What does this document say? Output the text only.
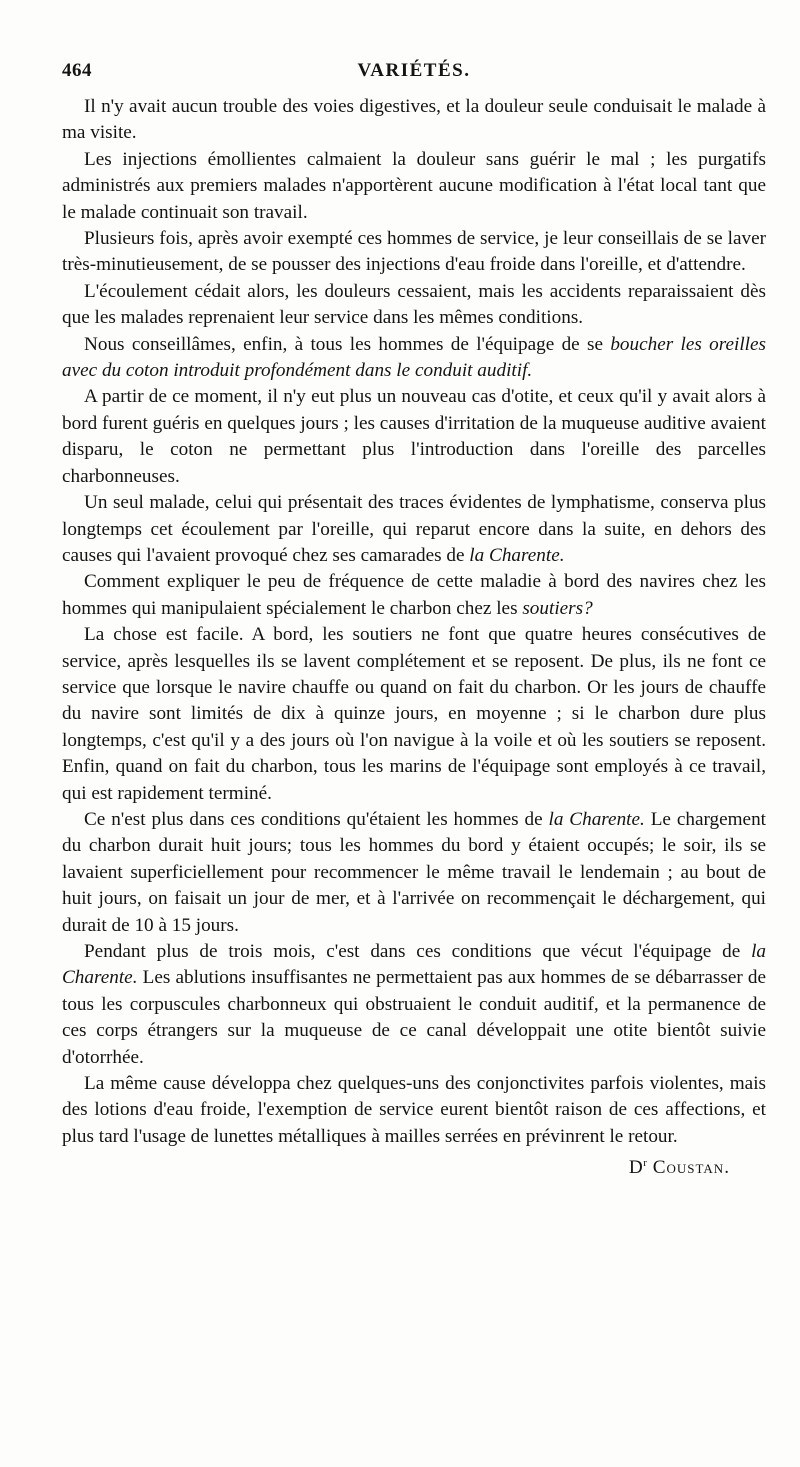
464	VARIÉTÉS.

Il n'y avait aucun trouble des voies digestives, et la douleur seule conduisait le malade à ma visite.

Les injections émollientes calmaient la douleur sans guérir le mal ; les purgatifs administrés aux premiers malades n'apportèrent aucune modification à l'état local tant que le malade continuait son travail.

Plusieurs fois, après avoir exempté ces hommes de service, je leur conseillais de se laver très-minutieusement, de se pousser des injections d'eau froide dans l'oreille, et d'attendre.

L'écoulement cédait alors, les douleurs cessaient, mais les accidents reparaissaient dès que les malades reprenaient leur service dans les mêmes conditions.

Nous conseillâmes, enfin, à tous les hommes de l'équipage de se boucher les oreilles avec du coton introduit profondément dans le conduit auditif.

A partir de ce moment, il n'y eut plus un nouveau cas d'otite, et ceux qu'il y avait alors à bord furent guéris en quelques jours ; les causes d'irritation de la muqueuse auditive avaient disparu, le coton ne permettant plus l'introduction dans l'oreille des parcelles charbonneuses.

Un seul malade, celui qui présentait des traces évidentes de lymphatisme, conserva plus longtemps cet écoulement par l'oreille, qui reparut encore dans la suite, en dehors des causes qui l'avaient provoqué chez ses camarades de la Charente.

Comment expliquer le peu de fréquence de cette maladie à bord des navires chez les hommes qui manipulaient spécialement le charbon chez les soutiers?

La chose est facile. A bord, les soutiers ne font que quatre heures consécutives de service, après lesquelles ils se lavent complétement et se reposent. De plus, ils ne font ce service que lorsque le navire chauffe ou quand on fait du charbon. Or les jours de chauffe du navire sont limités de dix à quinze jours, en moyenne ; si le charbon dure plus longtemps, c'est qu'il y a des jours où l'on navigue à la voile et où les soutiers se reposent. Enfin, quand on fait du charbon, tous les marins de l'équipage sont employés à ce travail, qui est rapidement terminé.

Ce n'est plus dans ces conditions qu'étaient les hommes de la Charente. Le chargement du charbon durait huit jours; tous les hommes du bord y étaient occupés; le soir, ils se lavaient superficiellement pour recommencer le même travail le lendemain ; au bout de huit jours, on faisait un jour de mer, et à l'arrivée on recommençait le déchargement, qui durait de 10 à 15 jours.

Pendant plus de trois mois, c'est dans ces conditions que vécut l'équipage de la Charente. Les ablutions insuffisantes ne permettaient pas aux hommes de se débarrasser de tous les corpuscules charbonneux qui obstruaient le conduit auditif, et la permanence de ces corps étrangers sur la muqueuse de ce canal développait une otite bientôt suivie d'otorrhée.

La même cause développa chez quelques-uns des conjonctivites parfois violentes, mais des lotions d'eau froide, l'exemption de service eurent bientôt raison de ces affections, et plus tard l'usage de lunettes métalliques à mailles serrées en prévinrent le retour.
$D^r$ Coustan.
